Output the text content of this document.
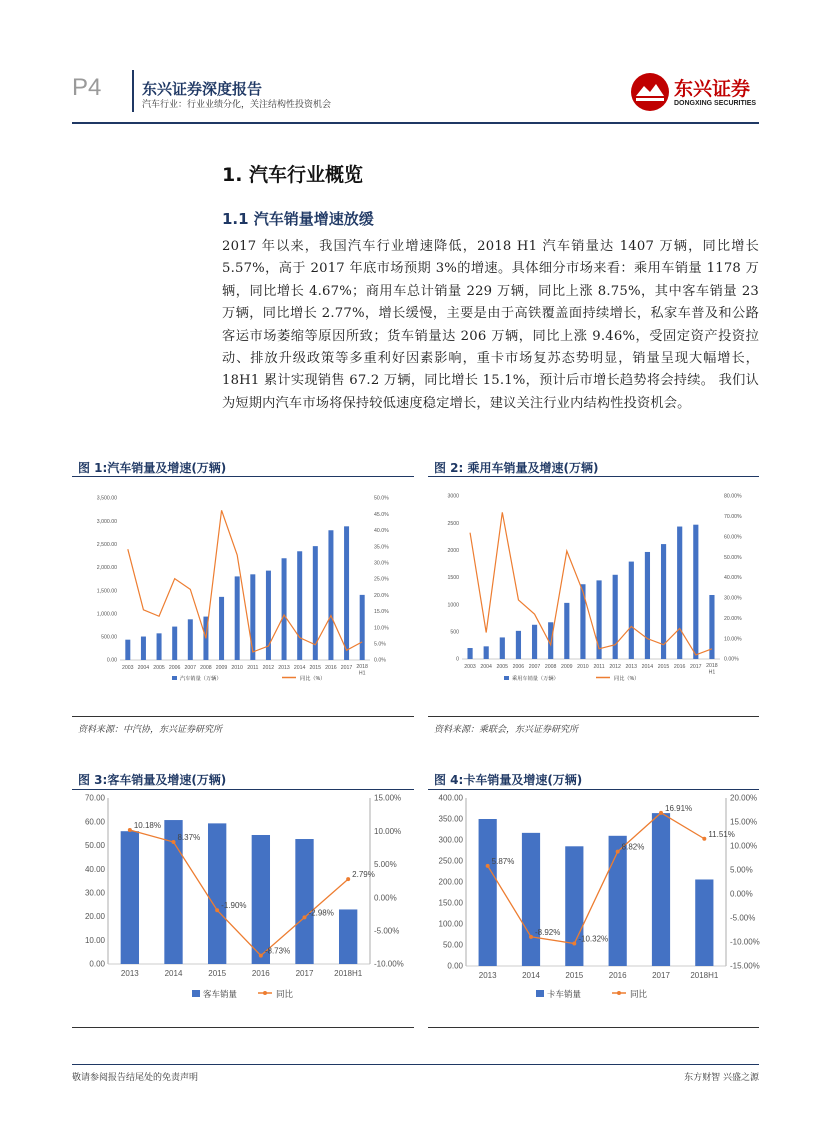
P4	东兴证券深度报告
汽车行业：行业业绩分化，关注结构性投资机会
东兴证券
DONGXING SECURITIES
1. 汽车行业概览
1.1 汽车销量增速放缓
2017 年以来，我国汽车行业增速降低，2018 H1 汽车销量达 1407 万辆，同比增长 5.57%，高于 2017 年底市场预期 3%的增速。具体细分市场来看：乘用车销量 1178 万辆，同比增长 4.67%；商用车总计销量 229 万辆，同比上涨 8.75%，其中客车销量 23 万辆，同比增长 2.77%，增长缓慢，主要是由于高铁覆盖面持续增长，私家车普及和公路客运市场萎缩等原因所致；货车销量达 206 万辆，同比上涨 9.46%，受固定资产投资拉动、排放升级政策等多重利好因素影响，重卡市场复苏态势明显，销量呈现大幅增长，18H1 累计实现销售 67.2 万辆，同比增长 15.1%，预计后市增长趋势将会持续。 我们认为短期内汽车市场将保持较低速度稳定增长，建议关注行业内结构性投资机会。
图 1:汽车销量及增速(万辆)
0.00
500.00
1,000.00
1,500.00
2,000.00
2,500.00
3,000.00
3,500.00
0.0%
5.0%
10.0%
15.0%
20.0%
25.0%
30.0%
35.0%
40.0%
45.0%
50.0%
2003 2004 2005 2006 2007 2008 2009 2010 2011 2012 2013 2014 2015 2016 2017 2018
H1
汽车销量（万辆）	同比（%）
资料来源：中汽协，东兴证券研究所
图 2: 乘用车销量及增速(万辆)
0
500
1000
1500
2000
2500
3000
0.00%
10.00%
20.00%
30.00%
40.00%
50.00%
60.00%
70.00%
80.00%
2003 2004 2005 2006 2007 2008 2009 2010 2011 2012 2013 2014 2015 2016 2017 2018
H1
乘用车销量（万辆）	同比（%）
资料来源：乘联会，东兴证券研究所
图 3:客车销量及增速(万辆)
0.00
10.00
20.00
30.00
40.00
50.00
60.00
70.00
-10.00%
-5.00%
0.00%
5.00%
10.00%
15.00%
2013	2014	2015	2016	2017	2018H1
10.18%
8.37%
-1.90%
-8.73%
-2.98%
2.79%
客车销量	同比
图 4:卡车销量及增速(万辆)
0.00
50.00
100.00
150.00
200.00
250.00
300.00
350.00
400.00
-15.00%
-10.00%
-5.00%
0.00%
5.00%
10.00%
15.00%
20.00%
2013	2014	2015	2016	2017	2018H1
5.87%
-8.92%
-10.32%
8.82%
16.91%
11.51%
卡车销量	同比
敬请参阅报告结尾处的免责声明	东方财智 兴盛之源
